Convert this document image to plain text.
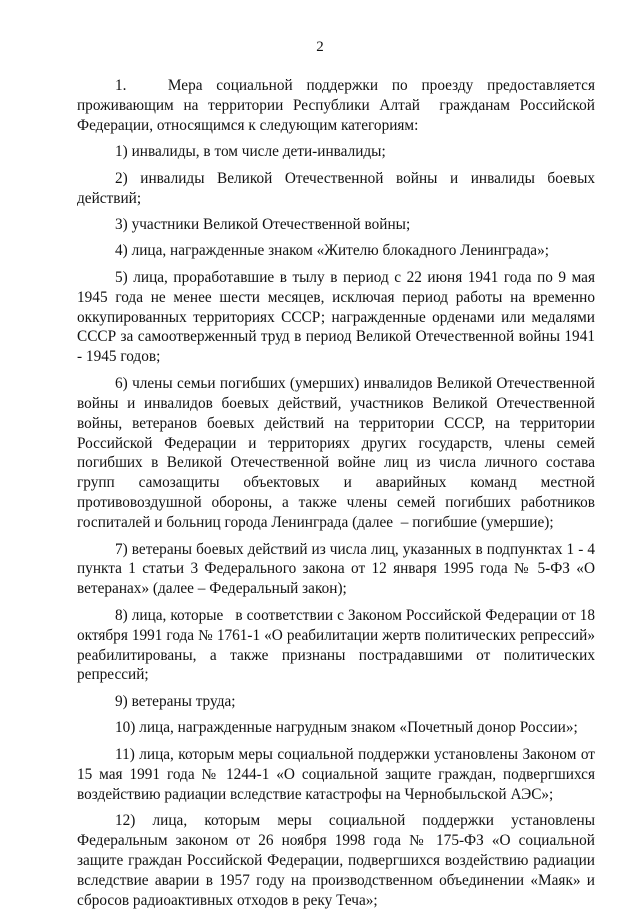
2

1.   Мера социальной поддержки по проезду предоставляется проживающим на территории Республики Алтай  гражданам Российской Федерации, относящимся к следующим категориям:

1) инвалиды, в том числе дети-инвалиды;

2) инвалиды Великой Отечественной войны и инвалиды боевых действий;

3) участники Великой Отечественной войны;

4) лица, награжденные знаком «Жителю блокадного Ленинграда»;

5) лица, проработавшие в тылу в период с 22 июня 1941 года по 9 мая 1945 года не менее шести месяцев, исключая период работы на временно оккупированных территориях СССР; награжденные орденами или медалями СССР за самоотверженный труд в период Великой Отечественной войны 1941 - 1945 годов;

6) члены семьи погибших (умерших) инвалидов Великой Отечественной войны и инвалидов боевых действий, участников Великой Отечественной войны, ветеранов боевых действий на территории СССР, на территории Российской Федерации и территориях других государств, члены семей погибших в Великой Отечественной войне лиц из числа личного состава групп самозащиты объектовых и аварийных команд местной противовоздушной обороны, а также члены семей погибших работников госпиталей и больниц города Ленинграда (далее  – погибшие (умершие);

7) ветераны боевых действий из числа лиц, указанных в подпунктах 1 - 4 пункта 1 статьи 3 Федерального закона от 12 января 1995 года № 5-ФЗ «О ветеранах» (далее – Федеральный закон);

8) лица, которые   в соответствии с Законом Российской Федерации от 18 октября 1991 года № 1761-1 «О реабилитации жертв политических репрессий» реабилитированы, а также признаны пострадавшими от политических репрессий;

9) ветераны труда;

10) лица, награжденные нагрудным знаком «Почетный донор России»;

11) лица, которым меры социальной поддержки установлены Законом от 15 мая 1991 года № 1244-1 «О социальной защите граждан, подвергшихся воздействию радиации вследствие катастрофы на Чернобыльской АЭС»;

12) лица, которым меры социальной поддержки установлены Федеральным законом от 26 ноября 1998 года № 175-ФЗ «О социальной защите граждан Российской Федерации, подвергшихся воздействию радиации вследствие аварии в 1957 году на производственном объединении «Маяк» и сбросов радиоактивных отходов в реку Теча»;
